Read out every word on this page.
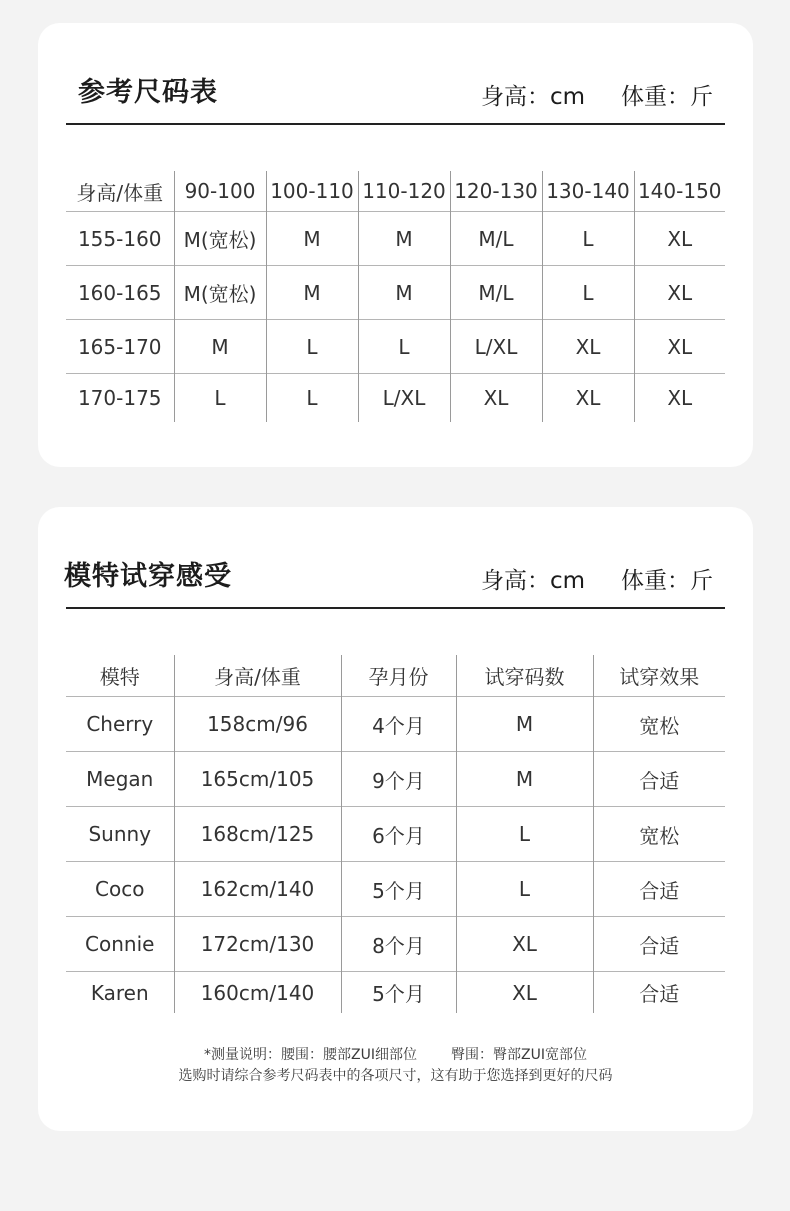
参考尺码表	身高：cm 体重：斤
身高/体重	90-100	100-110	110-120	120-130	130-140	140-150
155-160	M(宽松)	M	M	M/L	L	XL
160-165	M(宽松)	M	M	M/L	L	XL
165-170	M	L	L	L/XL	XL	XL
170-175	L	L	L/XL	XL	XL	XL
模特试穿感受	身高：cm 体重：斤
模特	身高/体重	孕月份	试穿码数	试穿效果
Cherry	158cm/96	4个月	M	宽松
Megan	165cm/105	9个月	M	合适
Sunny	168cm/125	6个月	L	宽松
Coco	162cm/140	5个月	L	合适
Connie	172cm/130	8个月	XL	合适
Karen	160cm/140	5个月	XL	合适
*测量说明：腰围：腰部ZUI细部位 臀围：臀部ZUI宽部位
选购时请综合参考尺码表中的各项尺寸，这有助于您选择到更好的尺码
